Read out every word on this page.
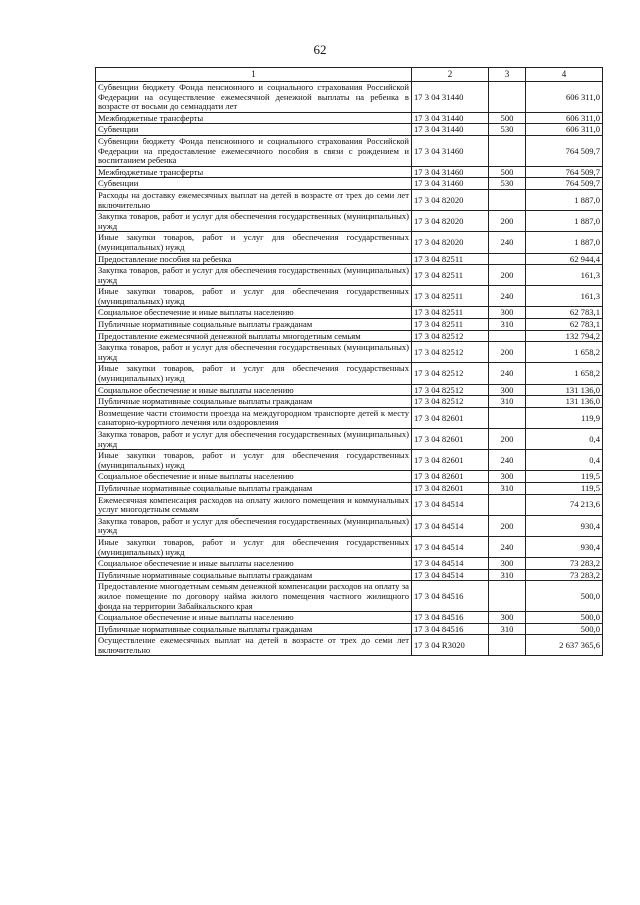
62
1	2	3	4
Субвенции бюджету Фонда пенсионного и социального страхования Российской Федерации на осуществление ежемесячной денежной выплаты на ребенка в возрасте от восьми до семнадцати лет	17 3 04 31440		606 311,0
Межбюджетные трансферты	17 3 04 31440	500	606 311,0
Субвенции	17 3 04 31440	530	606 311,0
Субвенции бюджету Фонда пенсионного и социального страхования Российской Федерации на предоставление ежемесячного пособия в связи с рождением и воспитанием ребенка	17 3 04 31460		764 509,7
Межбюджетные трансферты	17 3 04 31460	500	764 509,7
Субвенции	17 3 04 31460	530	764 509,7
Расходы на доставку ежемесячных выплат на детей в возрасте от трех до семи лет включительно	17 3 04 82020		1 887,0
Закупка товаров, работ и услуг для обеспечения государственных (муниципальных) нужд	17 3 04 82020	200	1 887,0
Иные закупки товаров, работ и услуг для обеспечения государственных (муниципальных) нужд	17 3 04 82020	240	1 887,0
Предоставление пособия на ребенка	17 3 04 82511		62 944,4
Закупка товаров, работ и услуг для обеспечения государственных (муниципальных) нужд	17 3 04 82511	200	161,3
Иные закупки товаров, работ и услуг для обеспечения государственных (муниципальных) нужд	17 3 04 82511	240	161,3
Социальное обеспечение и иные выплаты населению	17 3 04 82511	300	62 783,1
Публичные нормативные социальные выплаты гражданам	17 3 04 82511	310	62 783,1
Предоставление ежемесячной денежной выплаты многодетным семьям	17 3 04 82512		132 794,2
Закупка товаров, работ и услуг для обеспечения государственных (муниципальных) нужд	17 3 04 82512	200	1 658,2
Иные закупки товаров, работ и услуг для обеспечения государственных (муниципальных) нужд	17 3 04 82512	240	1 658,2
Социальное обеспечение и иные выплаты населению	17 3 04 82512	300	131 136,0
Публичные нормативные социальные выплаты гражданам	17 3 04 82512	310	131 136,0
Возмещение части стоимости проезда на междугородном транспорте детей к месту санаторно-курортного лечения или оздоровления	17 3 04 82601		119,9
Закупка товаров, работ и услуг для обеспечения государственных (муниципальных) нужд	17 3 04 82601	200	0,4
Иные закупки товаров, работ и услуг для обеспечения государственных (муниципальных) нужд	17 3 04 82601	240	0,4
Социальное обеспечение и иные выплаты населению	17 3 04 82601	300	119,5
Публичные нормативные социальные выплаты гражданам	17 3 04 82601	310	119,5
Ежемесячная компенсация расходов на оплату жилого помещения и коммунальных услуг многодетным семьям	17 3 04 84514		74 213,6
Закупка товаров, работ и услуг для обеспечения государственных (муниципальных) нужд	17 3 04 84514	200	930,4
Иные закупки товаров, работ и услуг для обеспечения государственных (муниципальных) нужд	17 3 04 84514	240	930,4
Социальное обеспечение и иные выплаты населению	17 3 04 84514	300	73 283,2
Публичные нормативные социальные выплаты гражданам	17 3 04 84514	310	73 283,2
Предоставление многодетным семьям денежной компенсации расходов на оплату за жилое помещение по договору найма жилого помещения частного жилищного фонда на территории Забайкальского края	17 3 04 84516		500,0
Социальное обеспечение и иные выплаты населению	17 3 04 84516	300	500,0
Публичные нормативные социальные выплаты гражданам	17 3 04 84516	310	500,0
Осуществление ежемесячных выплат на детей в возрасте от трех до семи лет включительно	17 3 04 R3020		2 637 365,6
